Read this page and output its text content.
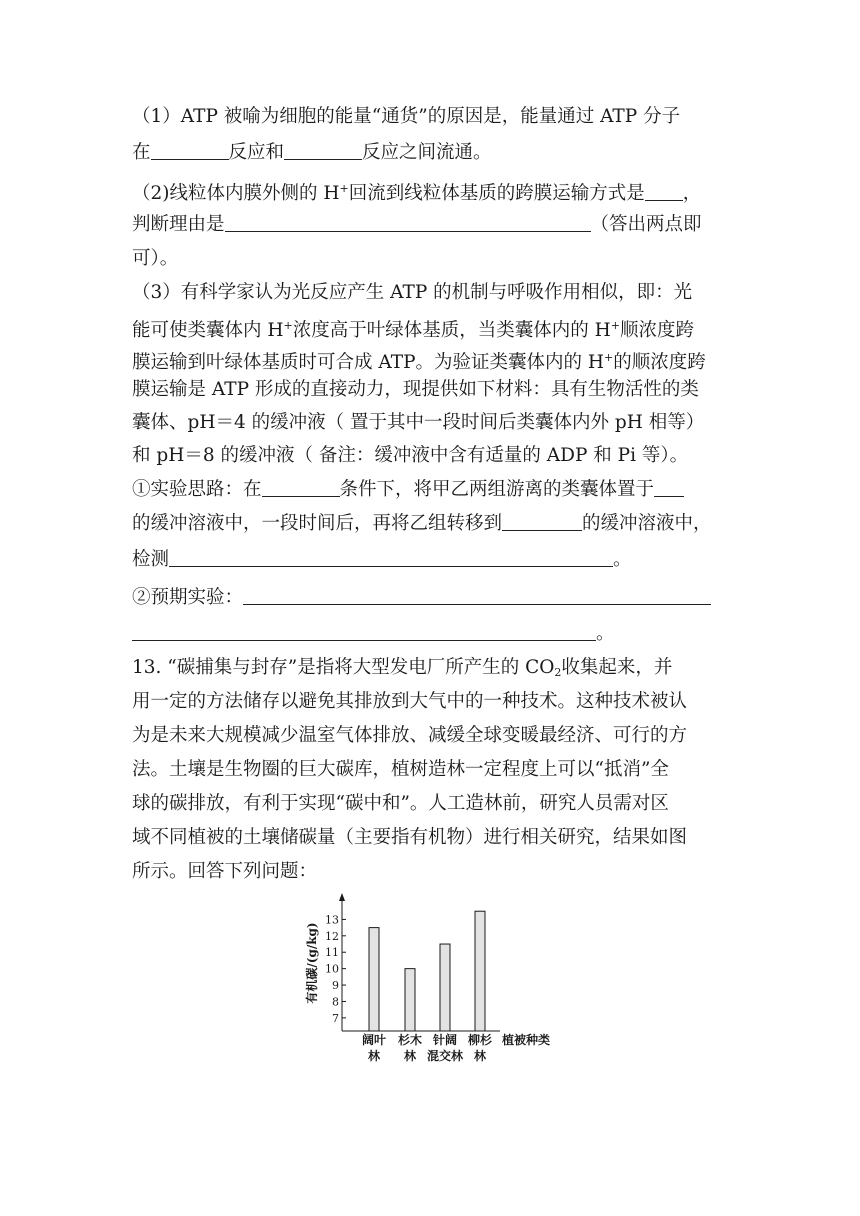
（1）ATP 被喻为细胞的能量“通货”的原因是，能量通过 ATP 分子
在	反应和	反应之间流通。
（2)线粒体内膜外侧的 H+回流到线粒体基质的跨膜运输方式是 ，
判断理由是	（答出两点即
可）。
（3）有科学家认为光反应产生 ATP 的机制与呼吸作用相似，即：光
能可使类囊体内 H+浓度高于叶绿体基质，当类囊体内的 H+顺浓度跨
膜运输到叶绿体基质时可合成 ATP。为验证类囊体内的 H+的顺浓度跨
膜运输是 ATP 形成的直接动力，现提供如下材料：具有生物活性的类
囊体、pH＝4 的缓冲液（ 置于其中一段时间后类囊体内外 pH 相等）
和 pH＝8 的缓冲液（ 备注：缓冲液中含有适量的 ADP 和 Pi 等）。
①实验思路：在	条件下，将甲乙两组游离的类囊体置于
的缓冲溶液中，一段时间后，再将乙组转移到	的缓冲溶液中，
检测	。
②预期实验：
。
13. “碳捕集与封存”是指将大型发电厂所产生的 $CO_2$收集起来，并
用一定的方法储存以避免其排放到大气中的一种技术。这种技术被认
为是未来大规模减少温室气体排放、减缓全球变暖最经济、可行的方
法。土壤是生物圈的巨大碳库，植树造林一定程度上可以“抵消”全
球的碳排放，有利于实现“碳中和”。人工造林前，研究人员需对区
域不同植被的土壤储碳量（主要指有机物）进行相关研究，结果如图
所示。回答下列问题：
7
8
9
10
11
12
13
阔叶
林
杉木
林
针阔
混交林
柳杉
林
有机碳/(g/kg)
植被种类
